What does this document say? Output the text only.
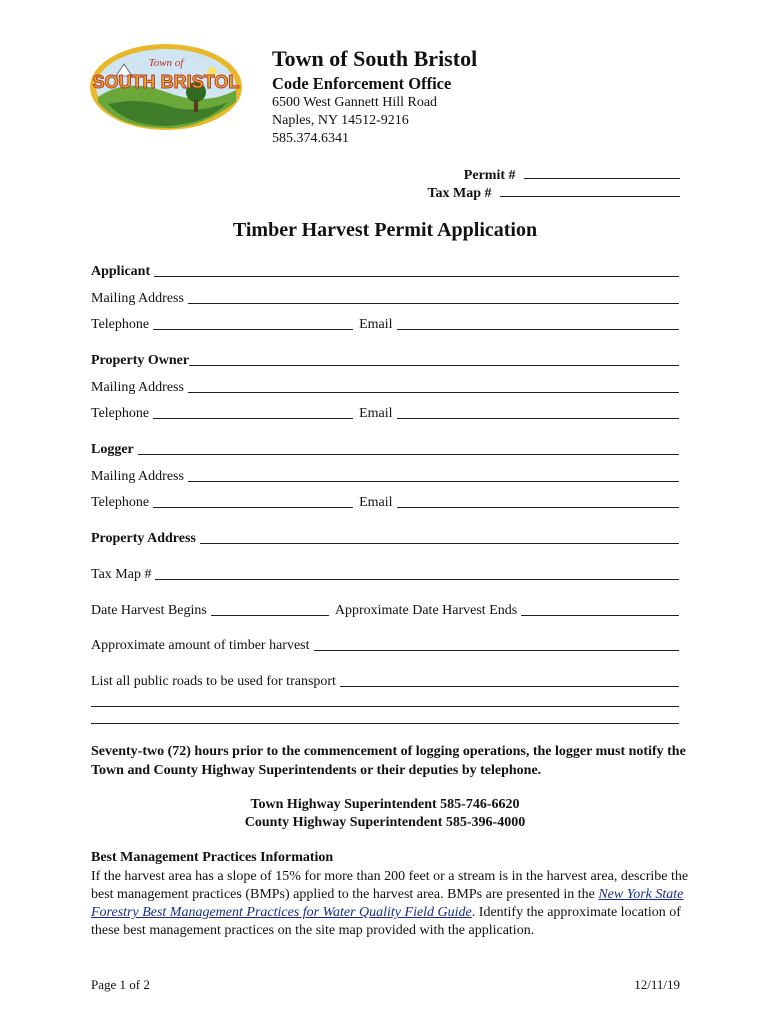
Town of
SOUTH BRISTOL
Town of South Bristol
Code Enforcement Office
6500 West Gannett Hill Road
Naples, NY 14512-9216
585.374.6341
Permit #
Tax Map #
Timber Harvest Permit Application
Applicant
Mailing Address
Telephone	Email
Property Owner
Mailing Address
Telephone	Email
Logger
Mailing Address
Telephone	Email
Property Address
Tax Map #
Date Harvest Begins	Approximate Date Harvest Ends
Approximate amount of timber harvest
List all public roads to be used for transport
Seventy-two (72) hours prior to the commencement of logging operations, the logger must notify the Town and County Highway Superintendents or their deputies by telephone.
Town Highway Superintendent 585-746-6620
County Highway Superintendent 585-396-4000
Best Management Practices Information
If the harvest area has a slope of 15% for more than 200 feet or a stream is in the harvest area, describe the best management practices (BMPs) applied to the harvest area. BMPs are presented in the New York State Forestry Best Management Practices for Water Quality Field Guide. Identify the approximate location of these best management practices on the site map provided with the application.
Page 1 of 2	12/11/19
